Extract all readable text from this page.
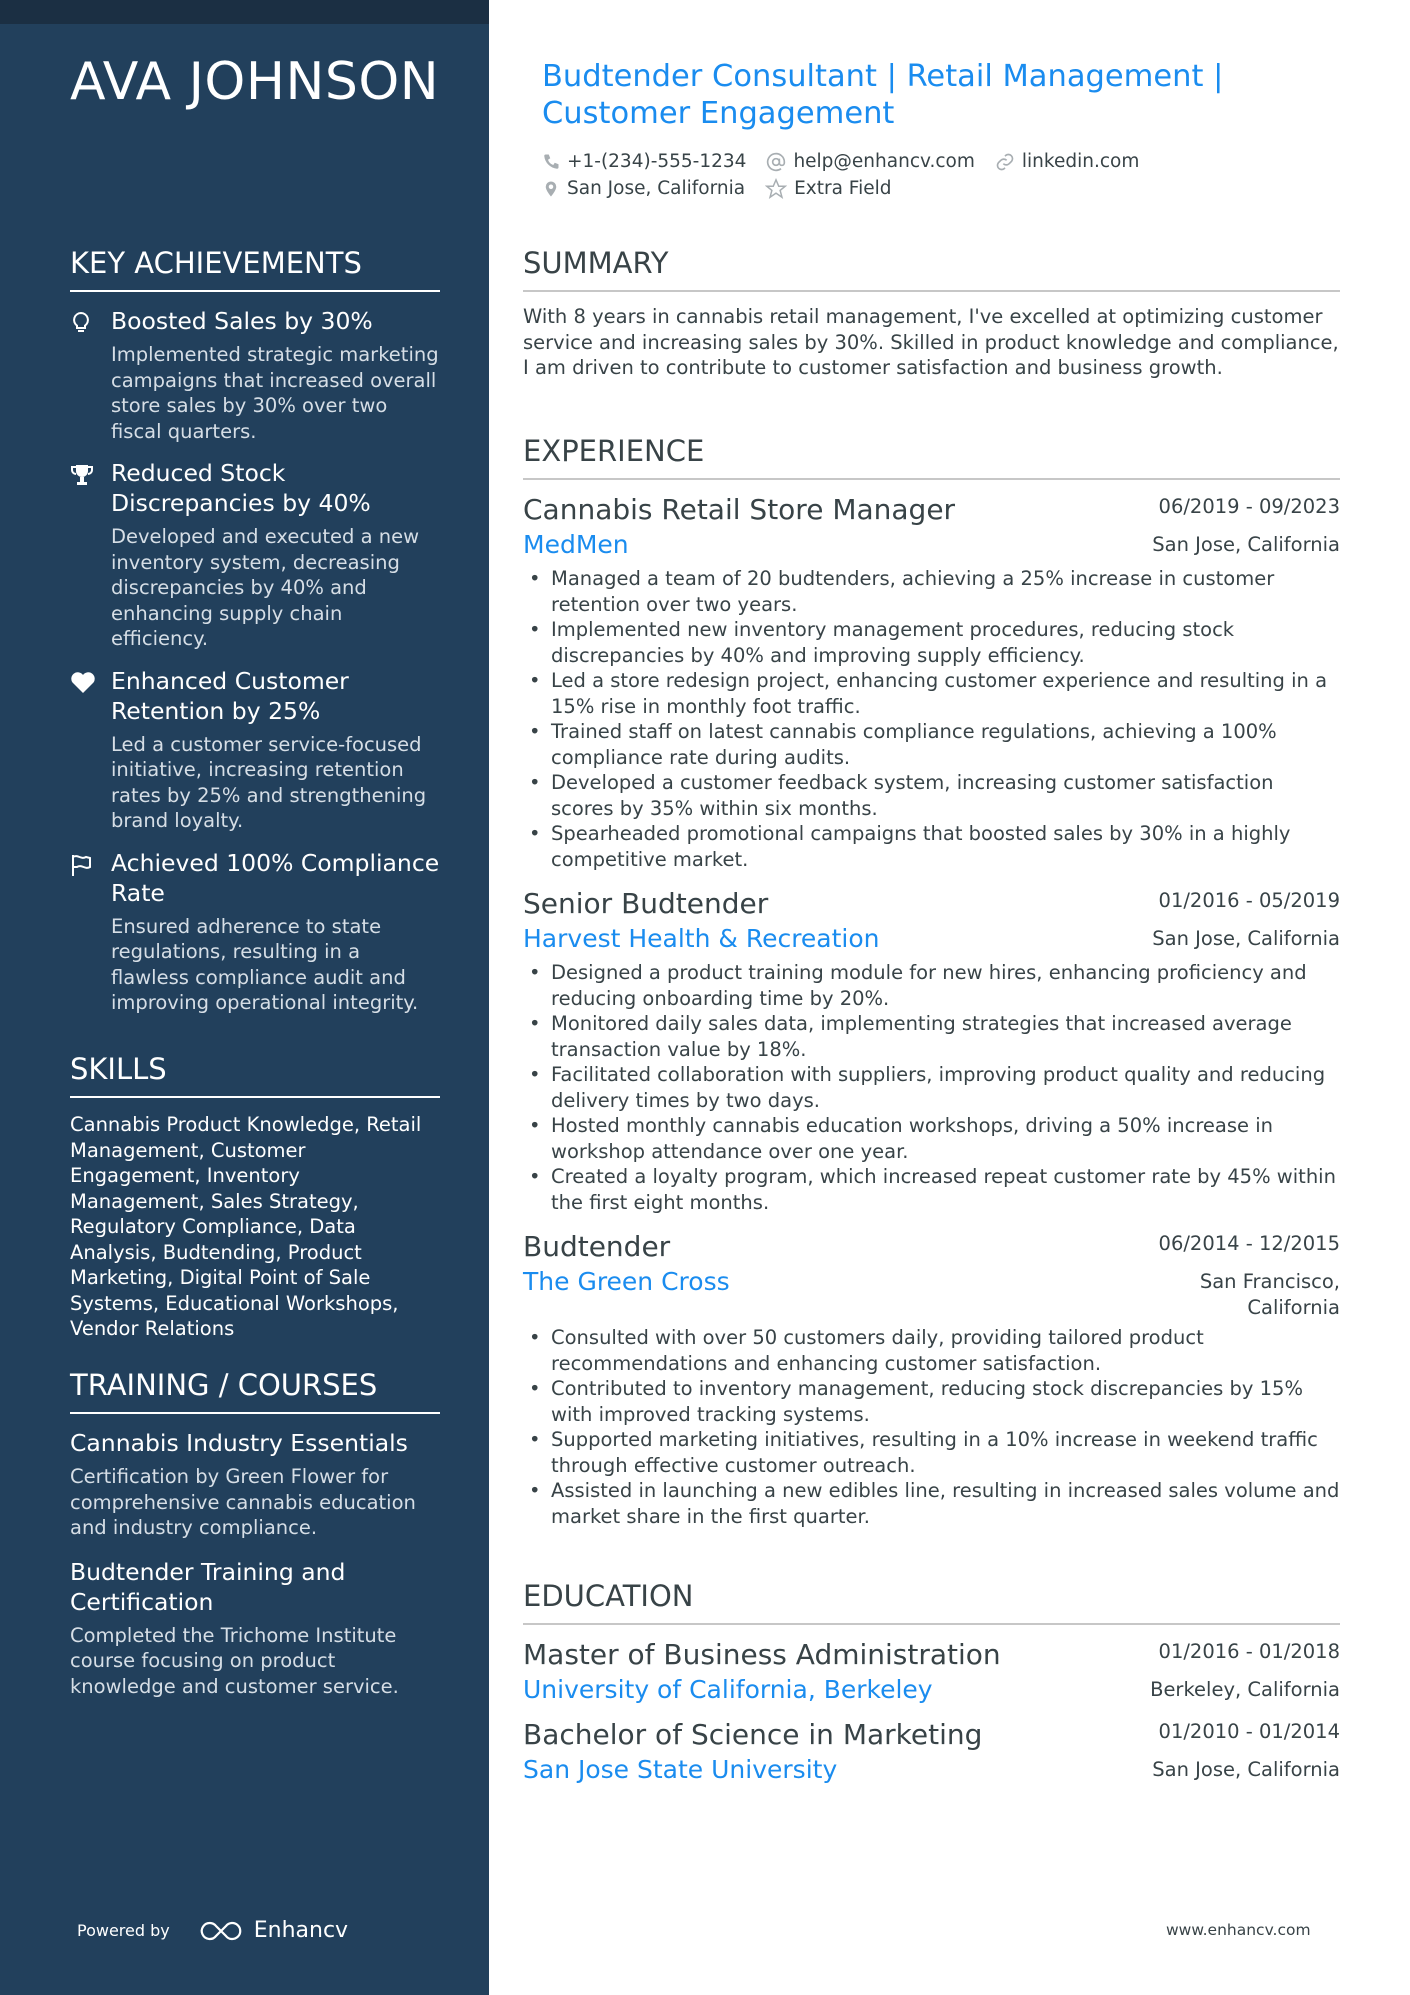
AVA JOHNSON
KEY ACHIEVEMENTS
Boosted Sales by 30%
Implemented strategic marketing campaigns that increased overall store sales by 30% over two fiscal quarters.
Reduced Stock Discrepancies by 40%
Developed and executed a new inventory system, decreasing discrepancies by 40% and enhancing supply chain efficiency.
Enhanced Customer Retention by 25%
Led a customer service-focused initiative, increasing retention rates by 25% and strengthening brand loyalty.
Achieved 100% Compliance Rate
Ensured adherence to state regulations, resulting in a flawless compliance audit and improving operational integrity.
SKILLS
Cannabis Product Knowledge, Retail Management, Customer Engagement, Inventory Management, Sales Strategy, Regulatory Compliance, Data Analysis, Budtending, Product Marketing, Digital Point of Sale Systems, Educational Workshops, Vendor Relations
TRAINING / COURSES
Cannabis Industry Essentials
Certification by Green Flower for comprehensive cannabis education and industry compliance.
Budtender Training and Certification
Completed the Trichome Institute course focusing on product knowledge and customer service.
Powered by	Enhancv
Budtender Consultant | Retail Management | Customer Engagement
+1-(234)-555-1234	help@enhancv.com	linkedin.com
San Jose, California	Extra Field
SUMMARY
With 8 years in cannabis retail management, I've excelled at optimizing customer service and increasing sales by 30%. Skilled in product knowledge and compliance, I am driven to contribute to customer satisfaction and business growth.
EXPERIENCE
Cannabis Retail Store Manager	06/2019 - 09/2023
MedMen	San Jose, California
• Managed a team of 20 budtenders, achieving a 25% increase in customer retention over two years.
• Implemented new inventory management procedures, reducing stock discrepancies by 40% and improving supply efficiency.
• Led a store redesign project, enhancing customer experience and resulting in a 15% rise in monthly foot traffic.
• Trained staff on latest cannabis compliance regulations, achieving a 100% compliance rate during audits.
• Developed a customer feedback system, increasing customer satisfaction scores by 35% within six months.
• Spearheaded promotional campaigns that boosted sales by 30% in a highly competitive market.
Senior Budtender	01/2016 - 05/2019
Harvest Health & Recreation	San Jose, California
• Designed a product training module for new hires, enhancing proficiency and reducing onboarding time by 20%.
• Monitored daily sales data, implementing strategies that increased average transaction value by 18%.
• Facilitated collaboration with suppliers, improving product quality and reducing delivery times by two days.
• Hosted monthly cannabis education workshops, driving a 50% increase in workshop attendance over one year.
• Created a loyalty program, which increased repeat customer rate by 45% within the first eight months.
Budtender	06/2014 - 12/2015
The Green Cross	San Francisco, California
• Consulted with over 50 customers daily, providing tailored product recommendations and enhancing customer satisfaction.
• Contributed to inventory management, reducing stock discrepancies by 15% with improved tracking systems.
• Supported marketing initiatives, resulting in a 10% increase in weekend traffic through effective customer outreach.
• Assisted in launching a new edibles line, resulting in increased sales volume and market share in the first quarter.
EDUCATION
Master of Business Administration	01/2016 - 01/2018
University of California, Berkeley	Berkeley, California
Bachelor of Science in Marketing	01/2010 - 01/2014
San Jose State University	San Jose, California
www.enhancv.com
